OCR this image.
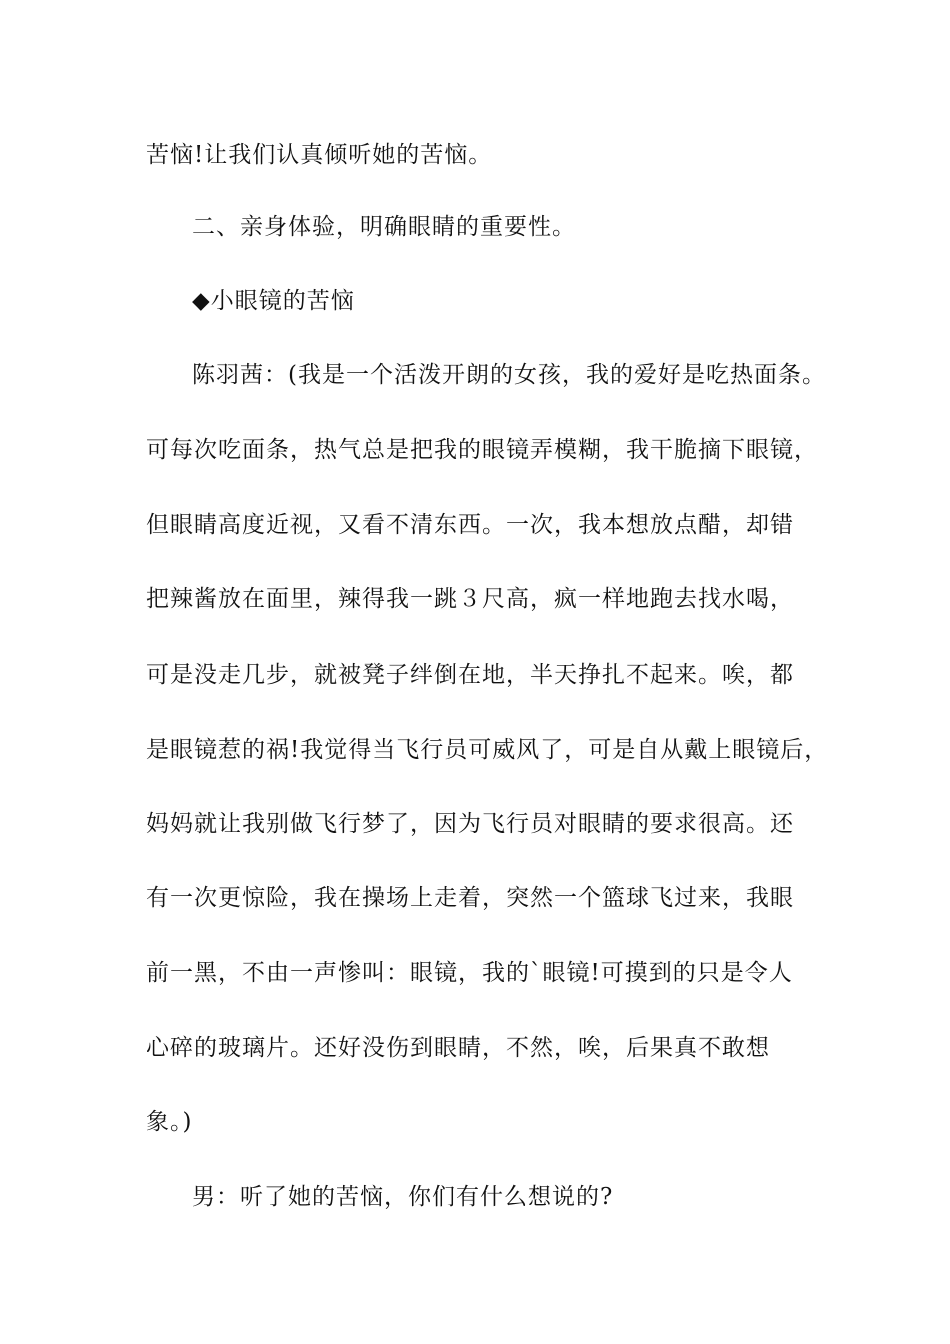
苦恼!让我们认真倾听她的苦恼。
二、亲身体验，明确眼睛的重要性。
◆小眼镜的苦恼
陈羽茜：(我是一个活泼开朗的女孩，我的爱好是吃热面条。
可每次吃面条，热气总是把我的眼镜弄模糊，我干脆摘下眼镜，
但眼睛高度近视，又看不清东西。一次，我本想放点醋，却错
把辣酱放在面里，辣得我一跳３尺高，疯一样地跑去找水喝，
可是没走几步，就被凳子绊倒在地，半天挣扎不起来。唉，都
是眼镜惹的祸!我觉得当飞行员可威风了，可是自从戴上眼镜后，
妈妈就让我别做飞行梦了，因为飞行员对眼睛的要求很高。还
有一次更惊险，我在操场上走着，突然一个篮球飞过来，我眼
前一黑，不由一声惨叫：眼镜，我的`眼镜!可摸到的只是令人
心碎的玻璃片。还好没伤到眼睛，不然，唉，后果真不敢想
象。)
男：听了她的苦恼，你们有什么想说的?
